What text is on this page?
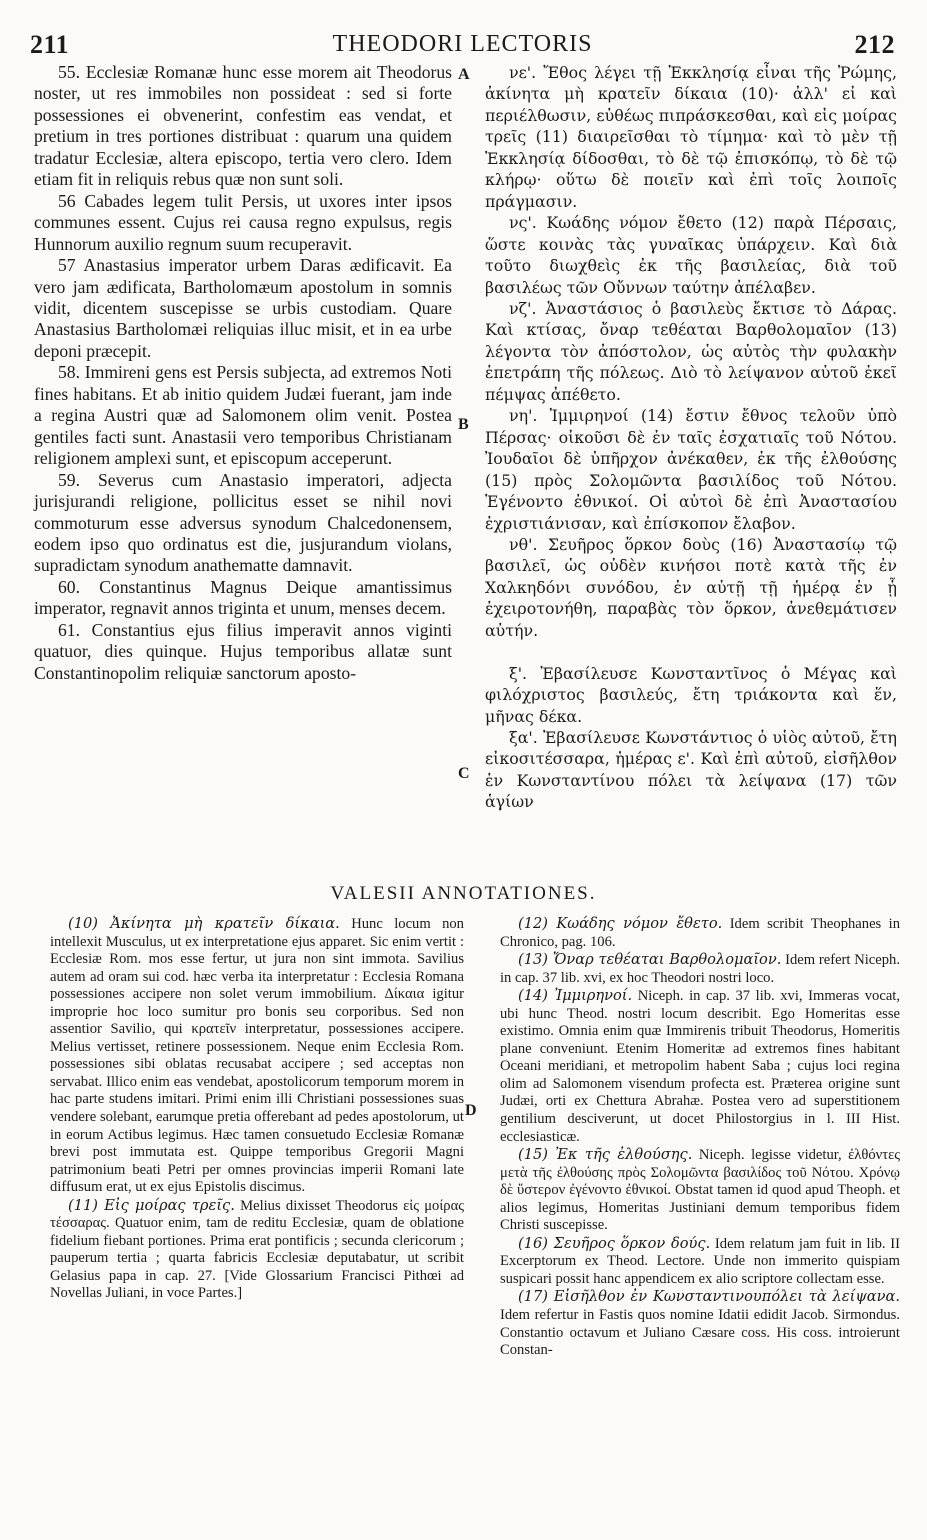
211	THEODORI LECTORIS	212

55. Ecclesiæ Romanæ hunc esse morem ait Theodorus noster, ut res immobiles non possideat : sed si forte possessiones ei obvenerint, confestim eas vendat, et pretium in tres portiones distribuat : quarum una quidem tradatur Ecclesiæ, altera episcopo, tertia vero clero. Idem etiam fit in reliquis rebus quæ non sunt soli.

56 Cabades legem tulit Persis, ut uxores inter ipsos communes essent. Cujus rei causa regno expulsus, regis Hunnorum auxilio regnum suum recuperavit.

57 Anastasius imperator urbem Daras ædificavit. Ea vero jam ædificata, Bartholomæum apostolum in somnis vidit, dicentem suscepisse se urbis custodiam. Quare Anastasius Bartholomæi reliquias illuc misit, et in ea urbe deponi præcepit.

58. Immireni gens est Persis subjecta, ad extremos Noti fines habitans. Et ab initio quidem Judæi fuerant, jam inde a regina Austri quæ ad Salomonem olim venit. Postea gentiles facti sunt. Anastasii vero temporibus Christianam religionem amplexi sunt, et episcopum acceperunt.

59. Severus cum Anastasio imperatori, adjecta jurisjurandi religione, pollicitus esset se nihil novi commoturum esse adversus synodum Chalcedonensem, eodem ipso quo ordinatus est die, jusjurandum violans, supradictam synodum anathematte damnavit.

60. Constantinus Magnus Deique amantissimus imperator, regnavit annos triginta et unum, menses decem.

61. Constantius ejus filius imperavit annos viginti quatuor, dies quinque. Hujus temporibus allatæ sunt Constantinopolim reliquiæ sanctorum aposto-

A
B
C
D

νε'. Ἔθος λέγει τῇ Ἐκκλησίᾳ εἶναι τῆς Ῥώμης, ἀκίνητα μὴ κρατεῖν δίκαια (10)· ἀλλ' εἰ καὶ περιέλθωσιν, εὐθέως πιπράσκεσθαι, καὶ εἰς μοίρας τρεῖς (11) διαιρεῖσθαι τὸ τίμημα· καὶ τὸ μὲν τῇ Ἐκκλησίᾳ δίδοσθαι, τὸ δὲ τῷ ἐπισκόπῳ, τὸ δὲ τῷ κλήρῳ· οὕτω δὲ ποιεῖν καὶ ἐπὶ τοῖς λοιποῖς πράγμασιν.

νς'. Κωάδης νόμον ἔθετο (12) παρὰ Πέρσαις, ὥστε κοινὰς τὰς γυναῖκας ὑπάρχειν. Καὶ διὰ τοῦτο διωχθεὶς ἐκ τῆς βασιλείας, διὰ τοῦ βασιλέως τῶν Οὔννων ταύτην ἀπέλαβεν.

νζ'. Ἀναστάσιος ὁ βασιλεὺς ἔκτισε τὸ Δάρας. Καὶ κτίσας, ὄναρ τεθέαται Βαρθολομαῖον (13) λέγοντα τὸν ἀπόστολον, ὡς αὐτὸς τὴν φυλακὴν ἐπετράπη τῆς πόλεως. Διὸ τὸ λείψανον αὐτοῦ ἐκεῖ πέμψας ἀπέθετο.

νη'. Ἰμμιρηνοί (14) ἔστιν ἔθνος τελοῦν ὑπὸ Πέρσας· οἰκοῦσι δὲ ἐν ταῖς ἐσχατιαῖς τοῦ Νότου. Ἰουδαῖοι δὲ ὑπῆρχον ἀνέκαθεν, ἐκ τῆς ἐλθούσης (15) πρὸς Σολομῶντα βασιλίδος τοῦ Νότου. Ἐγένοντο ἐθνικοί. Οἱ αὐτοὶ δὲ ἐπὶ Ἀναστασίου ἐχριστιάνισαν, καὶ ἐπίσκοπον ἔλαβον.

νθ'. Σευῆρος ὅρκον δοὺς (16) Ἀναστασίῳ τῷ βασιλεῖ, ὡς οὐδὲν κινήσοι ποτὲ κατὰ τῆς ἐν Χαλκηδόνι συνόδου, ἐν αὐτῇ τῇ ἡμέρᾳ ἐν ᾗ ἐχειροτονήθη, παραβὰς τὸν ὅρκον, ἀνεθεμάτισεν αὐτήν.

ξ'. Ἐβασίλευσε Κωνσταντῖνος ὁ Μέγας καὶ φιλόχριστος βασιλεύς, ἔτη τριάκοντα καὶ ἕν, μῆνας δέκα.

ξα'. Ἐβασίλευσε Κωνστάντιος ὁ υἱὸς αὐτοῦ, ἔτη εἰκοσιτέσσαρα, ἡμέρας ε'. Καὶ ἐπὶ αὐτοῦ, εἰσῆλθον ἐν Κωνσταντίνου πόλει τὰ λείψανα (17) τῶν ἁγίων

VALESII ANNOTATIONES.

(10) Ἀκίνητα μὴ κρατεῖν δίκαια. Hunc locum non intellexit Musculus, ut ex interpretatione ejus apparet. Sic enim vertit : Ecclesiæ Rom. mos esse fertur, ut jura non sint immota. Savilius autem ad oram sui cod. hæc verba ita interpretatur : Ecclesia Romana possessiones accipere non solet verum immobilium. Δίκαια igitur improprie hoc loco sumitur pro bonis seu corporibus. Sed non assentior Savilio, qui κρατεῖν interpretatur, possessiones accipere. Melius vertisset, retinere possessionem. Neque enim Ecclesia Rom. possessiones sibi oblatas recusabat accipere ; sed acceptas non servabat. Illico enim eas vendebat, apostolicorum temporum morem in hac parte studens imitari. Primi enim illi Christiani possessiones suas vendere solebant, earumque pretia offerebant ad pedes apostolorum, ut in eorum Actibus legimus. Hæc tamen consuetudo Ecclesiæ Romanæ brevi post immutata est. Quippe temporibus Gregorii Magni patrimonium beati Petri per omnes provincias imperii Romani late diffusum erat, ut ex ejus Epistolis discimus.

(11) Εἰς μοίρας τρεῖς. Melius dixisset Theodorus εἰς μοίρας τέσσαρας. Quatuor enim, tam de reditu Ecclesiæ, quam de oblatione fidelium fiebant portiones. Prima erat pontificis ; secunda clericorum ; pauperum tertia ; quarta fabricis Ecclesiæ deputabatur, ut scribit Gelasius papa in cap. 27. [Vide Glossarium Francisci Pithœi ad Novellas Juliani, in voce Partes.]

(12) Κωάδης νόμον ἔθετο. Idem scribit Theophanes in Chronico, pag. 106.

(13) Ὄναρ τεθέαται Βαρθολομαῖον. Idem refert Niceph. in cap. 37 lib. xvi, ex hoc Theodori nostri loco.

(14) Ἰμμιρηνοί. Niceph. in cap. 37 lib. xvi, Immeras vocat, ubi hunc Theod. nostri locum describit. Ego Homeritas esse existimo. Omnia enim quæ Immirenis tribuit Theodorus, Homeritis plane conveniunt. Etenim Homeritæ ad extremos fines habitant Oceani meridiani, et metropolim habent Saba ; cujus loci regina olim ad Salomonem visendum profecta est. Præterea origine sunt Judæi, orti ex Chettura Abrahæ. Postea vero ad superstitionem gentilium desciverunt, ut docet Philostorgius in l. III Hist. ecclesiasticæ.

(15) Ἐκ τῆς ἐλθούσης. Niceph. legisse videtur, ἐλθόντες μετὰ τῆς ἐλθούσης πρὸς Σολομῶντα βασιλίδος τοῦ Νότου. Χρόνῳ δὲ ὕστερον ἐγένοντο ἐθνικοί. Obstat tamen id quod apud Theoph. et alios legimus, Homeritas Justiniani demum temporibus fidem Christi suscepisse.

(16) Σευῆρος ὅρκον δούς. Idem relatum jam fuit in lib. II Excerptorum ex Theod. Lectore. Unde non immerito quispiam suspicari possit hanc appendicem ex alio scriptore collectam esse.

(17) Εἰσῆλθον ἐν Κωνσταντινουπόλει τὰ λείψανα. Idem refertur in Fastis quos nomine Idatii edidit Jacob. Sirmondus. Constantio octavum et Juliano Cæsare coss. His coss. introierunt Constan-
